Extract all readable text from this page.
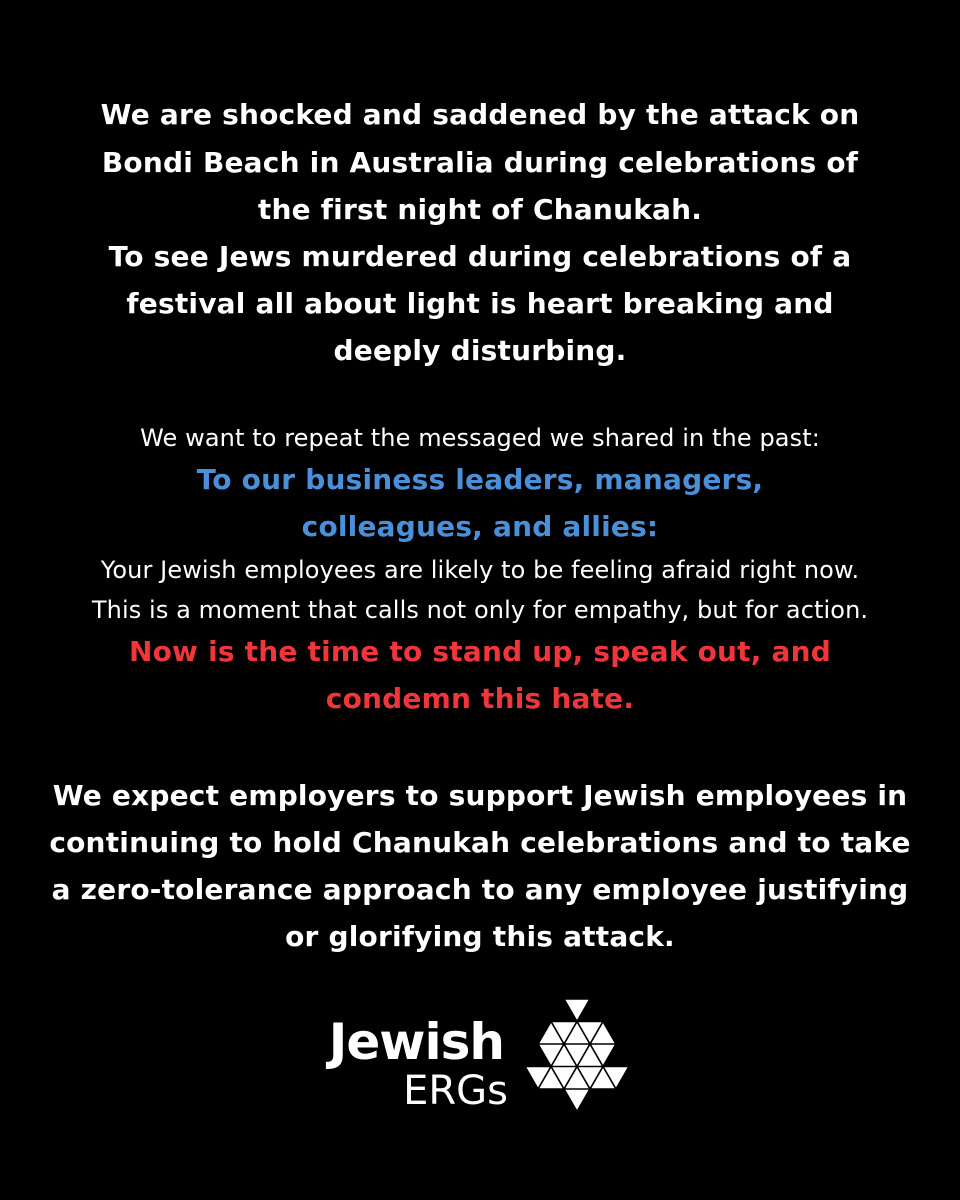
We are shocked and saddened by the attack on
Bondi Beach in Australia during celebrations of
the first night of Chanukah.
To see Jews murdered during celebrations of a
festival all about light is heart breaking and
deeply disturbing.
We want to repeat the messaged we shared in the past:
To our business leaders, managers,
colleagues, and allies:
Your Jewish employees are likely to be feeling afraid right now.
This is a moment that calls not only for empathy, but for action.
Now is the time to stand up, speak out, and
condemn this hate.
We expect employers to support Jewish employees in
continuing to hold Chanukah celebrations and to take
a zero-tolerance approach to any employee justifying
or glorifying this attack.
Jewish
ERGs
